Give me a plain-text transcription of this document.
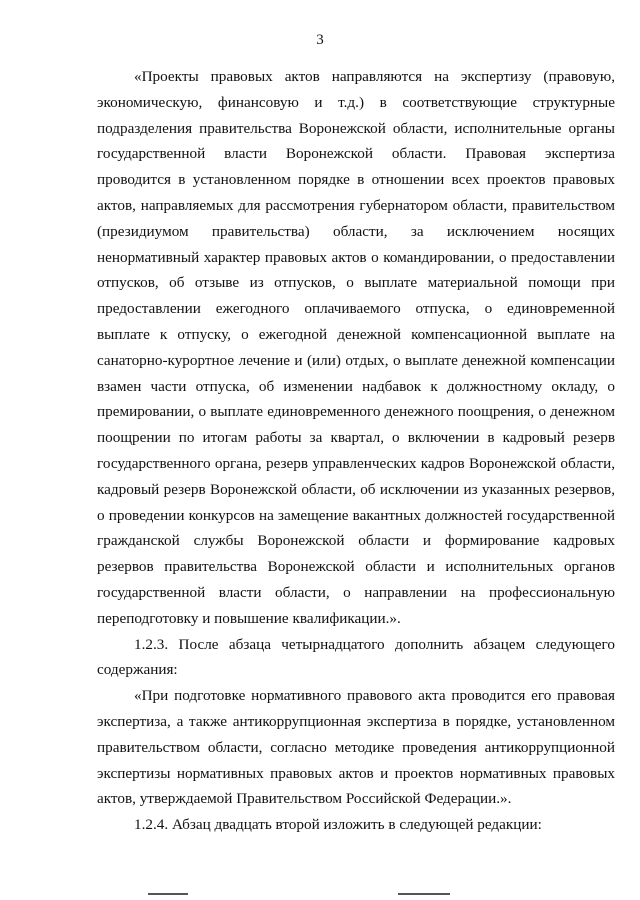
3

«Проекты правовых актов направляются на экспертизу (правовую, экономическую, финансовую и т.д.) в соответствующие структурные подразделения правительства Воронежской области, исполнительные органы государственной власти Воронежской области. Правовая экспертиза проводится в установленном порядке в отношении всех проектов правовых актов, направляемых для рассмотрения губернатором области, правительством (президиумом правительства) области, за исключением носящих ненормативный характер правовых актов о командировании, о предоставлении отпусков, об отзыве из отпусков, о выплате материальной помощи при предоставлении ежегодного оплачиваемого отпуска, о единовременной выплате к отпуску, о ежегодной денежной компенсационной выплате на санаторно-курортное лечение и (или) отдых, о выплате денежной компенсации взамен части отпуска, об изменении надбавок к должностному окладу, о премировании, о выплате единовременного денежного поощрения, о денежном поощрении по итогам работы за квартал, о включении в кадровый резерв государственного органа, резерв управленческих кадров Воронежской области, кадровый резерв Воронежской области, об исключении из указанных резервов, о проведении конкурсов на замещение вакантных должностей государственной гражданской службы Воронежской области и формирование кадровых резервов правительства Воронежской области и исполнительных органов государственной власти области, о направлении на профессиональную переподготовку и повышение квалификации.».

1.2.3. После абзаца четырнадцатого дополнить абзацем следующего содержания:

«При подготовке нормативного правового акта проводится его правовая экспертиза, а также антикоррупционная экспертиза в порядке, установленном правительством области, согласно методике проведения антикоррупционной экспертизы нормативных правовых актов и проектов нормативных правовых актов, утверждаемой Правительством Российской Федерации.».

1.2.4. Абзац двадцать второй изложить в следующей редакции:
